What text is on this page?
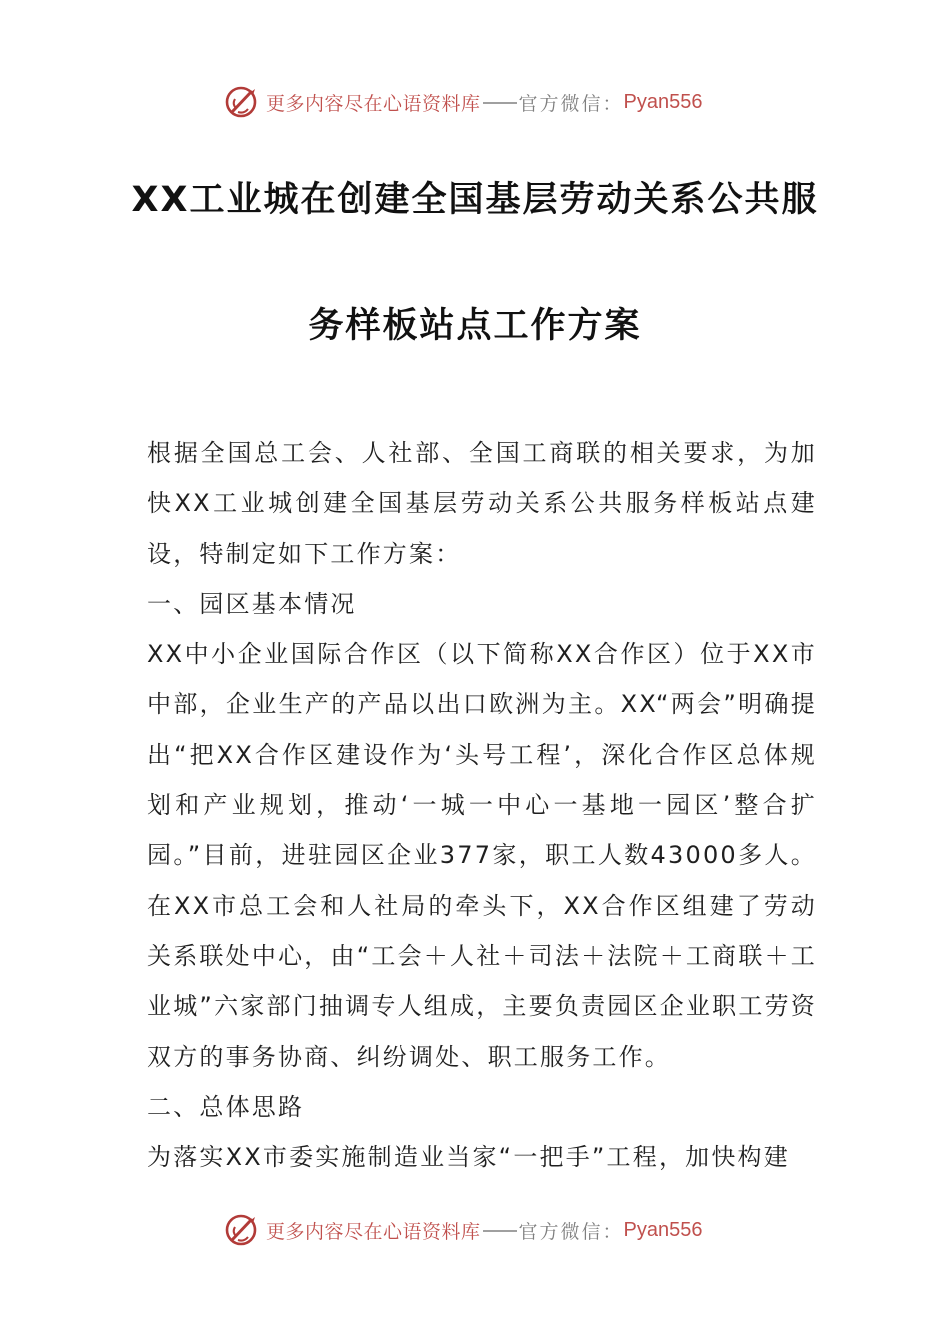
更多内容尽在心语资料库 官方微信： Pyan556
XX工业城在创建全国基层劳动关系公共服
务样板站点工作方案

根据全国总工会、人社部、全国工商联的相关要求，为加快XX工业城创建全国基层劳动关系公共服务样板站点建设，特制定如下工作方案：

一、园区基本情况

XX中小企业国际合作区（以下简称XX合作区）位于XX市中部，企业生产的产品以出口欧洲为主。XX“两会”明确提出“把XX合作区建设作为‘头号工程’，深化合作区总体规划和产业规划，推动‘一城一中心一基地一园区’整合扩园。”目前，进驻园区企业377家，职工人数43000多人。在XX市总工会和人社局的牵头下，XX合作区组建了劳动关系联处中心，由“工会＋人社＋司法＋法院＋工商联＋工业城”六家部门抽调专人组成，主要负责园区企业职工劳资双方的事务协商、纠纷调处、职工服务工作。

二、总体思路

为落实XX市委实施制造业当家“一把手”工程，加快构建

更多内容尽在心语资料库 官方微信： Pyan556
